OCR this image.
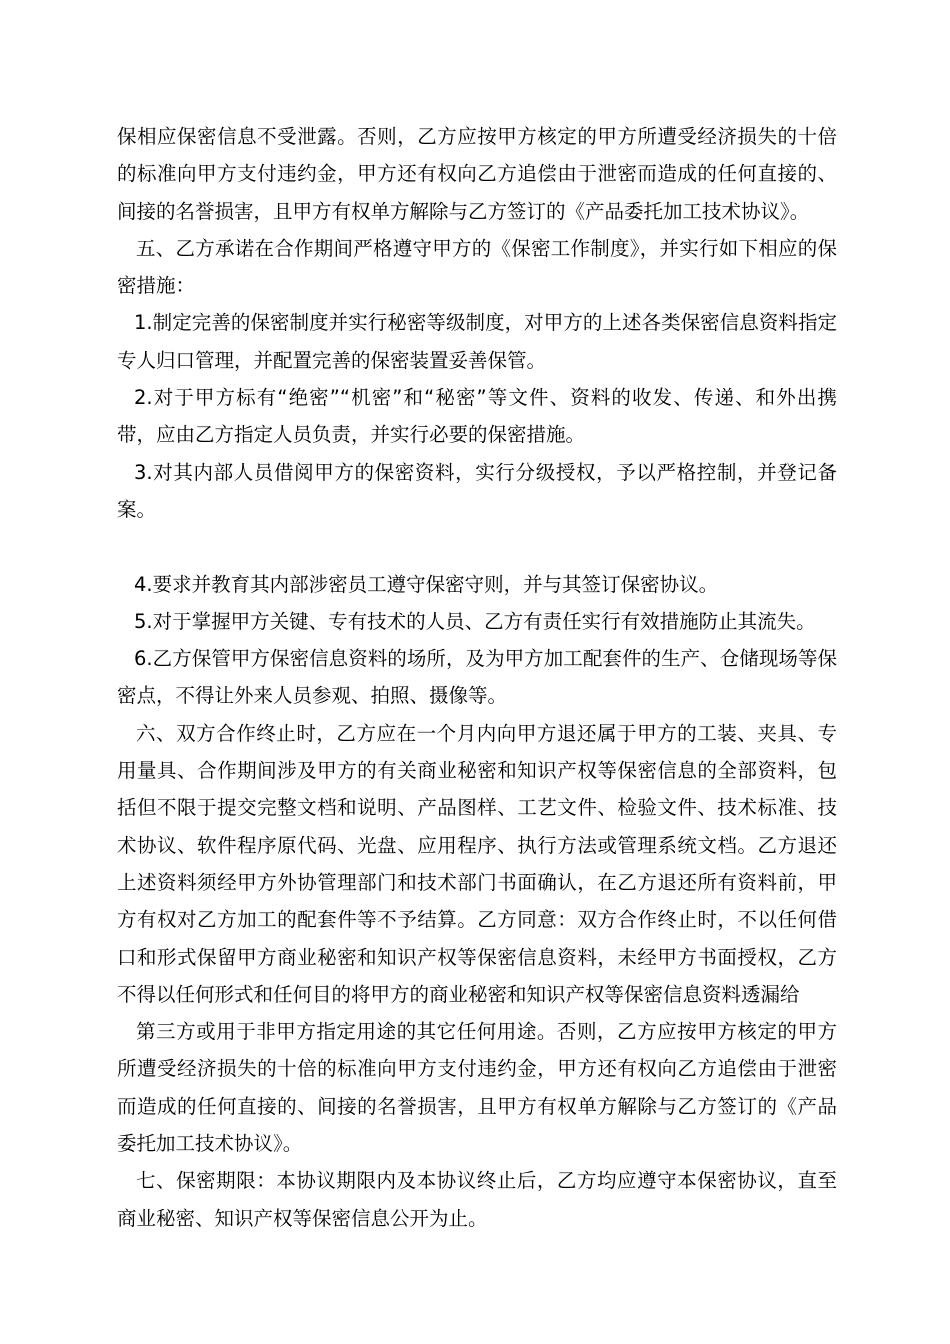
保相应保密信息不受泄露。否则，乙方应按甲方核定的甲方所遭受经济损失的十倍的标准向甲方支付违约金，甲方还有权向乙方追偿由于泄密而造成的任何直接的、间接的名誉损害，且甲方有权单方解除与乙方签订的《产品委托加工技术协议》。

五、乙方承诺在合作期间严格遵守甲方的《保密工作制度》，并实行如下相应的保密措施：

1.制定完善的保密制度并实行秘密等级制度，对甲方的上述各类保密信息资料指定专人归口管理，并配置完善的保密装置妥善保管。

2.对于甲方标有“绝密”“机密”和“秘密”等文件、资料的收发、传递、和外出携带，应由乙方指定人员负责，并实行必要的保密措施。

3.对其内部人员借阅甲方的保密资料，实行分级授权，予以严格控制，并登记备案。

4.要求并教育其内部涉密员工遵守保密守则，并与其签订保密协议。

5.对于掌握甲方关键、专有技术的人员、乙方有责任实行有效措施防止其流失。

6.乙方保管甲方保密信息资料的场所，及为甲方加工配套件的生产、仓储现场等保密点，不得让外来人员参观、拍照、摄像等。

六、双方合作终止时，乙方应在一个月内向甲方退还属于甲方的工装、夹具、专用量具、合作期间涉及甲方的有关商业秘密和知识产权等保密信息的全部资料，包括但不限于提交完整文档和说明、产品图样、工艺文件、检验文件、技术标准、技术协议、软件程序原代码、光盘、应用程序、执行方法或管理系统文档。乙方退还上述资料须经甲方外协管理部门和技术部门书面确认，在乙方退还所有资料前，甲方有权对乙方加工的配套件等不予结算。乙方同意：双方合作终止时，不以任何借口和形式保留甲方商业秘密和知识产权等保密信息资料，未经甲方书面授权，乙方不得以任何形式和任何目的将甲方的商业秘密和知识产权等保密信息资料透漏给

第三方或用于非甲方指定用途的其它任何用途。否则，乙方应按甲方核定的甲方所遭受经济损失的十倍的标准向甲方支付违约金，甲方还有权向乙方追偿由于泄密而造成的任何直接的、间接的名誉损害，且甲方有权单方解除与乙方签订的《产品委托加工技术协议》。

七、保密期限：本协议期限内及本协议终止后，乙方均应遵守本保密协议，直至商业秘密、知识产权等保密信息公开为止。
